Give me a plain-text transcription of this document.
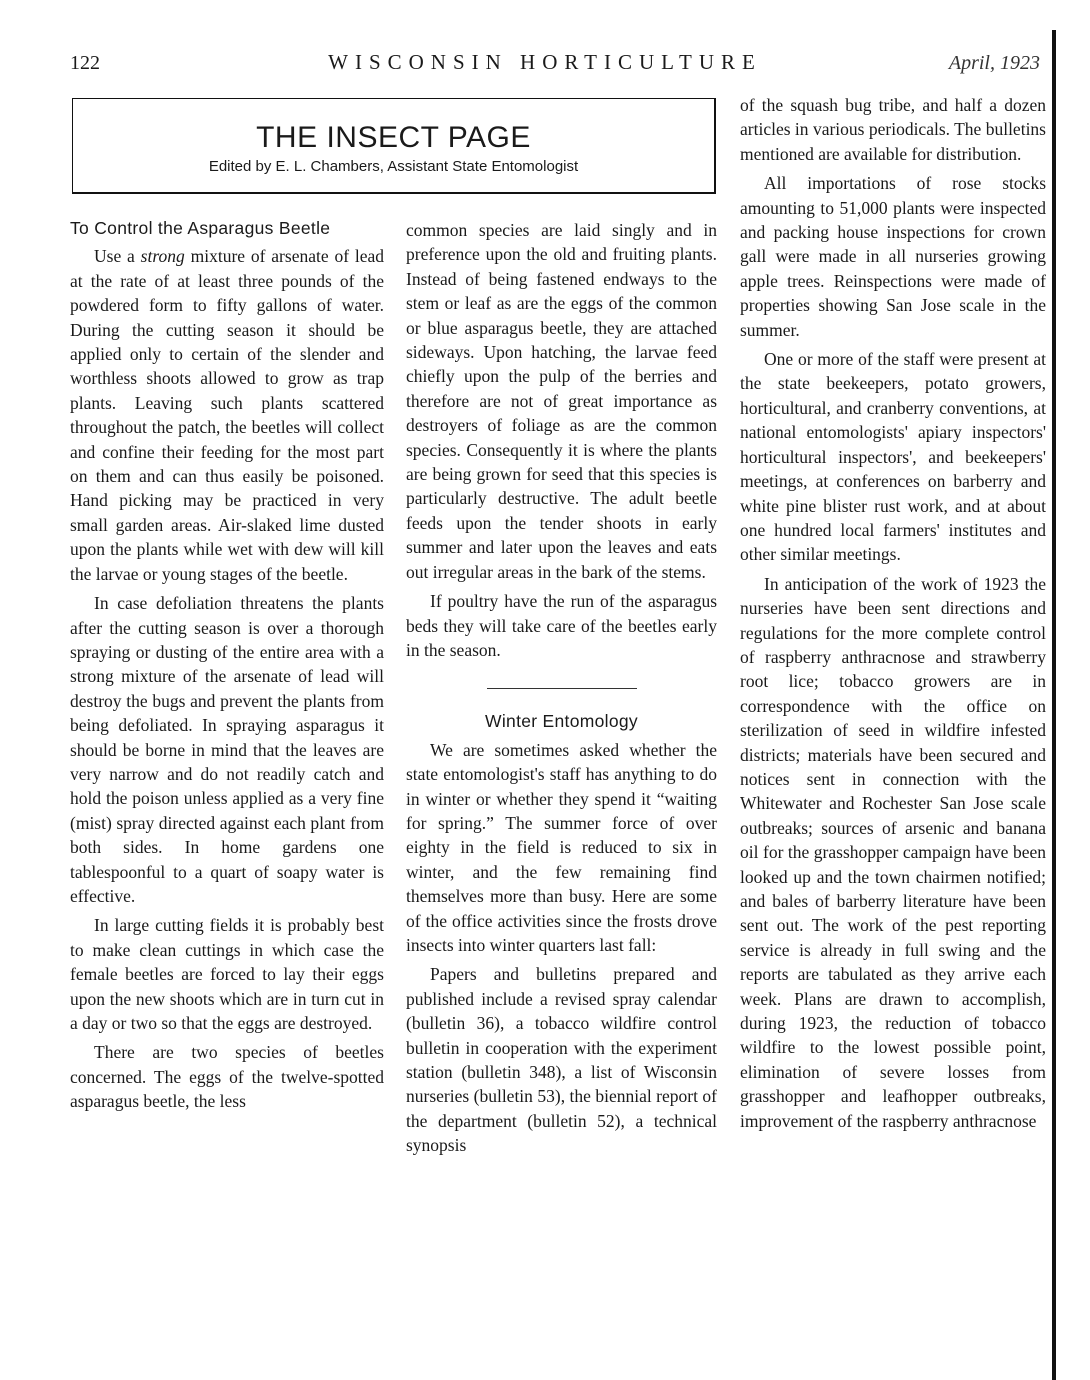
122	WISCONSIN HORTICULTURE	April, 1923
THE INSECT PAGE
Edited by E. L. Chambers, Assistant State Entomologist
To Control the Asparagus Beetle

Use a strong mixture of arsenate of lead at the rate of at least three pounds of the powdered form to fifty gallons of water. During the cutting season it should be applied only to certain of the slender and worthless shoots allowed to grow as trap plants. Leaving such plants scattered throughout the patch, the beetles will collect and confine their feeding for the most part on them and can thus easily be poisoned. Hand picking may be practiced in very small garden areas. Air-slaked lime dusted upon the plants while wet with dew will kill the larvae or young stages of the beetle.

In case defoliation threatens the plants after the cutting season is over a thorough spraying or dusting of the entire area with a strong mixture of the arsenate of lead will destroy the bugs and prevent the plants from being defoliated. In spraying asparagus it should be borne in mind that the leaves are very narrow and do not readily catch and hold the poison unless applied as a very fine (mist) spray directed against each plant from both sides. In home gardens one tablespoonful to a quart of soapy water is effective.

In large cutting fields it is probably best to make clean cuttings in which case the female beetles are forced to lay their eggs upon the new shoots which are in turn cut in a day or two so that the eggs are destroyed.

There are two species of beetles concerned. The eggs of the twelve-spotted asparagus beetle, the less

common species are laid singly and in preference upon the old and fruiting plants. Instead of being fastened endways to the stem or leaf as are the eggs of the common or blue asparagus beetle, they are attached sideways. Upon hatching, the larvae feed chiefly upon the pulp of the berries and therefore are not of great importance as destroyers of foliage as are the common species. Consequently it is where the plants are being grown for seed that this species is particularly destructive. The adult beetle feeds upon the tender shoots in early summer and later upon the leaves and eats out irregular areas in the bark of the stems.

If poultry have the run of the asparagus beds they will take care of the beetles early in the season.

Winter Entomology

We are sometimes asked whether the state entomologist's staff has anything to do in winter or whether they spend it “waiting for spring.” The summer force of over eighty in the field is reduced to six in winter, and the few remaining find themselves more than busy. Here are some of the office activities since the frosts drove insects into winter quarters last fall:

Papers and bulletins prepared and published include a revised spray calendar (bulletin 36), a tobacco wildfire control bulletin in cooperation with the experiment station (bulletin 348), a list of Wisconsin nurseries (bulletin 53), the biennial report of the department (bulletin 52), a technical synopsis

of the squash bug tribe, and half a dozen articles in various periodicals. The bulletins mentioned are available for distribution.

All importations of rose stocks amounting to 51,000 plants were inspected and packing house inspections for crown gall were made in all nurseries growing apple trees. Reinspections were made of properties showing San Jose scale in the summer.

One or more of the staff were present at the state beekeepers, potato growers, horticultural, and cranberry conventions, at national entomologists' apiary inspectors' horticultural inspectors', and beekeepers' meetings, at conferences on barberry and white pine blister rust work, and at about one hundred local farmers' institutes and other similar meetings.

In anticipation of the work of 1923 the nurseries have been sent directions and regulations for the more complete control of raspberry anthracnose and strawberry root lice; tobacco growers are in correspondence with the office on sterilization of seed in wildfire infested districts; materials have been secured and notices sent in connection with the Whitewater and Rochester San Jose scale outbreaks; sources of arsenic and banana oil for the grasshopper campaign have been looked up and the town chairmen notified; and bales of barberry literature have been sent out. The work of the pest reporting service is already in full swing and the reports are tabulated as they arrive each week. Plans are drawn to accomplish, during 1923, the reduction of tobacco wildfire to the lowest possible point, elimination of severe losses from grasshopper and leafhopper outbreaks, improvement of the raspberry anthracnose
